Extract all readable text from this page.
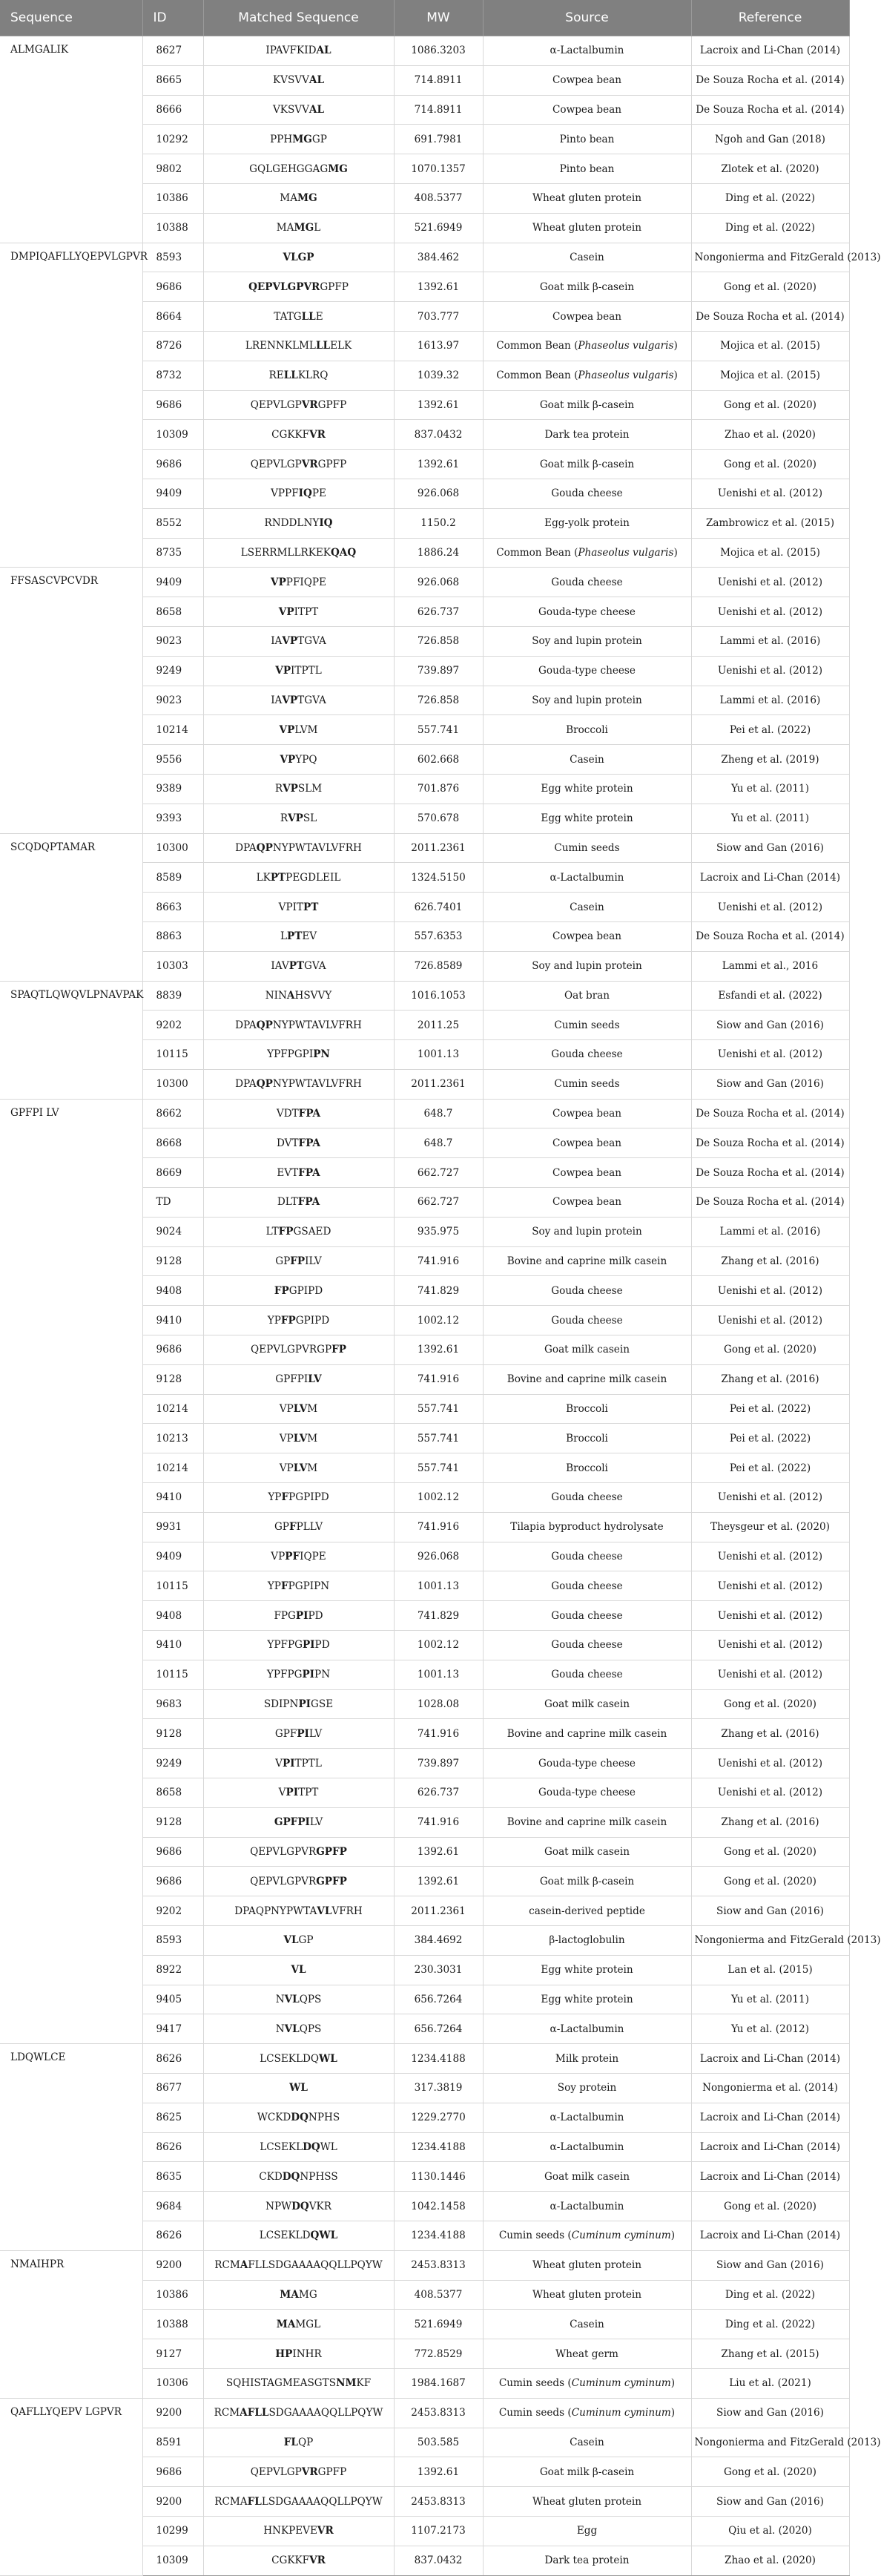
Sequence	ID	Matched Sequence	MW	Source	Reference
ALMGALIK	8627	IPAVFKIDAL	1086.3203	α-Lactalbumin	Lacroix and Li-Chan (2014)
	8665	KVSVVAL	714.8911	Cowpea bean	De Souza Rocha et al. (2014)
	8666	VKSVVAL	714.8911	Cowpea bean	De Souza Rocha et al. (2014)
	10292	PPHMGGP	691.7981	Pinto bean	Ngoh and Gan (2018)
	9802	GQLGEHGGAGMG	1070.1357	Pinto bean	Zlotek et al. (2020)
	10386	MAMG	408.5377	Wheat gluten protein	Ding et al. (2022)
	10388	MAMGL	521.6949	Wheat gluten protein	Ding et al. (2022)
DMPIQAFLLYQEPVLGPVR	8593	VLGP	384.462	Casein	Nongonierma and FitzGerald (2013)
	9686	QEPVLGPVRGPFP	1392.61	Goat milk β-casein	Gong et al. (2020)
	8664	TATGLLE	703.777	Cowpea bean	De Souza Rocha et al. (2014)
	8726	LRENNKLMLLLELK	1613.97	Common Bean (Phaseolus vulgaris)	Mojica et al. (2015)
	8732	RELLKLRQ	1039.32	Common Bean (Phaseolus vulgaris)	Mojica et al. (2015)
	9686	QEPVLGPVRGPFP	1392.61	Goat milk β-casein	Gong et al. (2020)
	10309	CGKKFVR	837.0432	Dark tea protein	Zhao et al. (2020)
	9686	QEPVLGPVRGPFP	1392.61	Goat milk β-casein	Gong et al. (2020)
	9409	VPPFIQPE	926.068	Gouda cheese	Uenishi et al. (2012)
	8552	RNDDLNYIQ	1150.2	Egg-yolk protein	Zambrowicz et al. (2015)
	8735	LSERRMLLRKEKQAQ	1886.24	Common Bean (Phaseolus vulgaris)	Mojica et al. (2015)
FFSASCVPCVDR	9409	VPPFIQPE	926.068	Gouda cheese	Uenishi et al. (2012)
	8658	VPITPT	626.737	Gouda-type cheese	Uenishi et al. (2012)
	9023	IAVPTGVA	726.858	Soy and lupin protein	Lammi et al. (2016)
	9249	VPITPTL	739.897	Gouda-type cheese	Uenishi et al. (2012)
	9023	IAVPTGVA	726.858	Soy and lupin protein	Lammi et al. (2016)
	10214	VPLVM	557.741	Broccoli	Pei et al. (2022)
	9556	VPYPQ	602.668	Casein	Zheng et al. (2019)
	9389	RVPSLM	701.876	Egg white protein	Yu et al. (2011)
	9393	RVPSL	570.678	Egg white protein	Yu et al. (2011)
SCQDQPTAMAR	10300	DPAQPNYPWTAVLVFRH	2011.2361	Cumin seeds	Siow and Gan (2016)
	8589	LKPTPEGDLEIL	1324.5150	α-Lactalbumin	Lacroix and Li-Chan (2014)
	8663	VPITPT	626.7401	Casein	Uenishi et al. (2012)
	8863	LPTEV	557.6353	Cowpea bean	De Souza Rocha et al. (2014)
	10303	IAVPTGVA	726.8589	Soy and lupin protein	Lammi et al., 2016
SPAQTLQWQVLPNAVPAK	8839	NINAHSVVY	1016.1053	Oat bran	Esfandi et al. (2022)
	9202	DPAQPNYPWTAVLVFRH	2011.25	Cumin seeds	Siow and Gan (2016)
	10115	YPFPGPIPN	1001.13	Gouda cheese	Uenishi et al. (2012)
	10300	DPAQPNYPWTAVLVFRH	2011.2361	Cumin seeds	Siow and Gan (2016)
GPFPI LV	8662	VDTFPA	648.7	Cowpea bean	De Souza Rocha et al. (2014)
	8668	DVTFPA	648.7	Cowpea bean	De Souza Rocha et al. (2014)
	8669	EVTFPA	662.727	Cowpea bean	De Souza Rocha et al. (2014)
	TD	DLTFPA	662.727	Cowpea bean	De Souza Rocha et al. (2014)
	9024	LTFPGSAED	935.975	Soy and lupin protein	Lammi et al. (2016)
	9128	GPFPILV	741.916	Bovine and caprine milk casein	Zhang et al. (2016)
	9408	FPGPIPD	741.829	Gouda cheese	Uenishi et al. (2012)
	9410	YPFPGPIPD	1002.12	Gouda cheese	Uenishi et al. (2012)
	9686	QEPVLGPVRGPFP	1392.61	Goat milk casein	Gong et al. (2020)
	9128	GPFPILV	741.916	Bovine and caprine milk casein	Zhang et al. (2016)
	10214	VPLVM	557.741	Broccoli	Pei et al. (2022)
	10213	VPLVM	557.741	Broccoli	Pei et al. (2022)
	10214	VPLVM	557.741	Broccoli	Pei et al. (2022)
	9410	YPFPGPIPD	1002.12	Gouda cheese	Uenishi et al. (2012)
	9931	GPFPLLV	741.916	Tilapia byproduct hydrolysate	Theysgeur et al. (2020)
	9409	VPPFIQPE	926.068	Gouda cheese	Uenishi et al. (2012)
	10115	YPFPGPIPN	1001.13	Gouda cheese	Uenishi et al. (2012)
	9408	FPGPIPD	741.829	Gouda cheese	Uenishi et al. (2012)
	9410	YPFPGPIPD	1002.12	Gouda cheese	Uenishi et al. (2012)
	10115	YPFPGPIPN	1001.13	Gouda cheese	Uenishi et al. (2012)
	9683	SDIPNPIGSE	1028.08	Goat milk casein	Gong et al. (2020)
	9128	GPFPILV	741.916	Bovine and caprine milk casein	Zhang et al. (2016)
	9249	VPITPTL	739.897	Gouda-type cheese	Uenishi et al. (2012)
	8658	VPITPT	626.737	Gouda-type cheese	Uenishi et al. (2012)
	9128	GPFPILV	741.916	Bovine and caprine milk casein	Zhang et al. (2016)
	9686	QEPVLGPVRGPFP	1392.61	Goat milk casein	Gong et al. (2020)
	9686	QEPVLGPVRGPFP	1392.61	Goat milk β-casein	Gong et al. (2020)
	9202	DPAQPNYPWTAVLVFRH	2011.2361	casein-derived peptide	Siow and Gan (2016)
	8593	VLGP	384.4692	β-lactoglobulin	Nongonierma and FitzGerald (2013)
	8922	VL	230.3031	Egg white protein	Lan et al. (2015)
	9405	NVLQPS	656.7264	Egg white protein	Yu et al. (2011)
	9417	NVLQPS	656.7264	α-Lactalbumin	Yu et al. (2012)
LDQWLCE	8626	LCSEKLDQWL	1234.4188	Milk protein	Lacroix and Li-Chan (2014)
	8677	WL	317.3819	Soy protein	Nongonierma et al. (2014)
	8625	WCKDDQNPHS	1229.2770	α-Lactalbumin	Lacroix and Li-Chan (2014)
	8626	LCSEKLDQWL	1234.4188	α-Lactalbumin	Lacroix and Li-Chan (2014)
	8635	CKDDQNPHSS	1130.1446	Goat milk casein	Lacroix and Li-Chan (2014)
	9684	NPWDQVKR	1042.1458	α-Lactalbumin	Gong et al. (2020)
	8626	LCSEKLDQWL	1234.4188	Cumin seeds (Cuminum cyminum)	Lacroix and Li-Chan (2014)
NMAIHPR	9200	RCMAFLLSDGAAAAQQLLPQYW	2453.8313	Wheat gluten protein	Siow and Gan (2016)
	10386	MAMG	408.5377	Wheat gluten protein	Ding et al. (2022)
	10388	MAMGL	521.6949	Casein	Ding et al. (2022)
	9127	HPINHR	772.8529	Wheat germ	Zhang et al. (2015)
	10306	SQHISTAGMEASGTSNMKF	1984.1687	Cumin seeds (Cuminum cyminum)	Liu et al. (2021)
QAFLLYQEPV LGPVR	9200	RCMAFLLSDGAAAAQQLLPQYW	2453.8313	Cumin seeds (Cuminum cyminum)	Siow and Gan (2016)
	8591	FLQP	503.585	Casein	Nongonierma and FitzGerald (2013)
	9686	QEPVLGPVRGPFP	1392.61	Goat milk β-casein	Gong et al. (2020)
	9200	RCMAFLLSDGAAAAQQLLPQYW	2453.8313	Wheat gluten protein	Siow and Gan (2016)
	10299	HNKPEVEVR	1107.2173	Egg	Qiu et al. (2020)
	10309	CGKKFVR	837.0432	Dark tea protein	Zhao et al. (2020)
